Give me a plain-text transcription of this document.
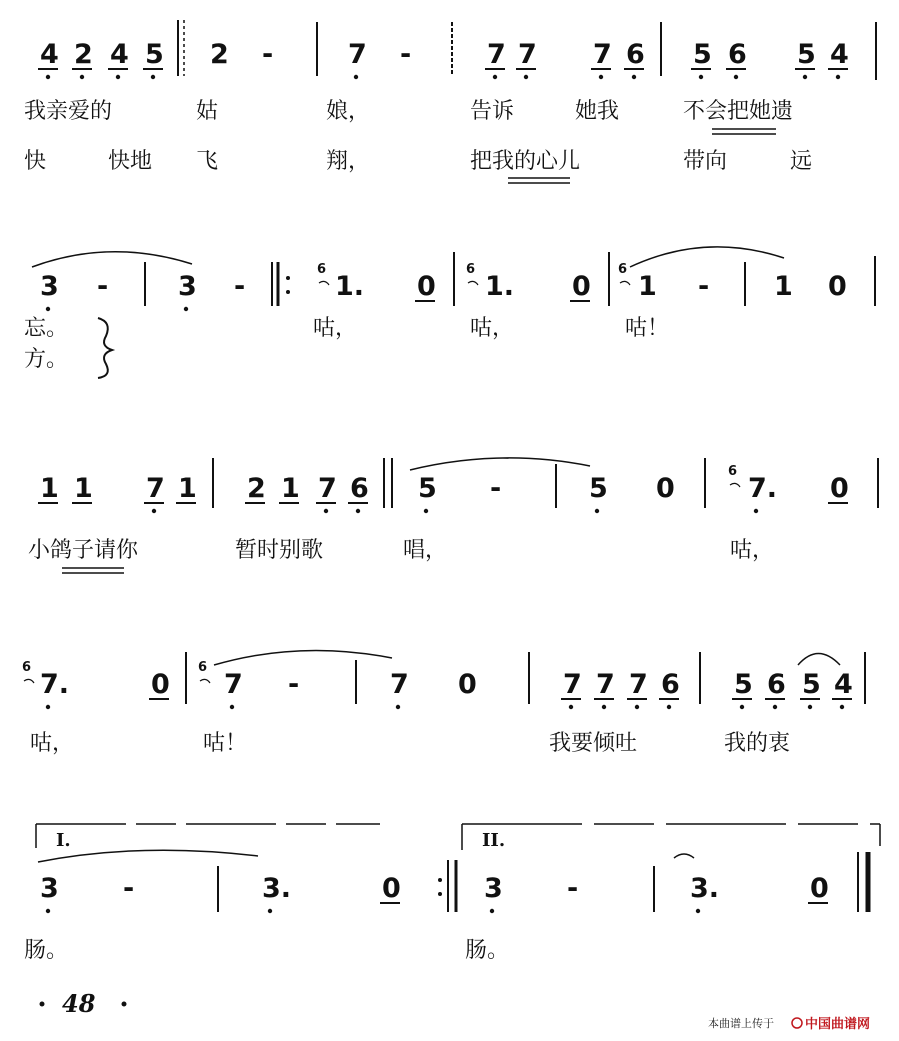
4 2 4 5 2 -	7 -	7 7 7 6 5 6 5 4
3 -	3 -	1. 0 1. 0 1 - 1 0
1 1 7 1 2 1 7 6 5 -	5 0	7. 0
7.	0 7 -	7 0	7 7 7 6 5 6 5 4
3 -	3.	0	3 -	3.	0
6	6	6
6
6	6
我亲爱的	姑	娘，	告诉	她我	不会把她遗
快	快地 飞	翔，	把我的心儿	带向	远
忘。	咕，	咕，	咕！
方。
小鸽子请你	暂时别歌	唱，	咕，
咕，	咕！	我要倾吐	我的衷
肠。	肠。
I.	II.
48
本曲谱上传于 中国曲谱网
